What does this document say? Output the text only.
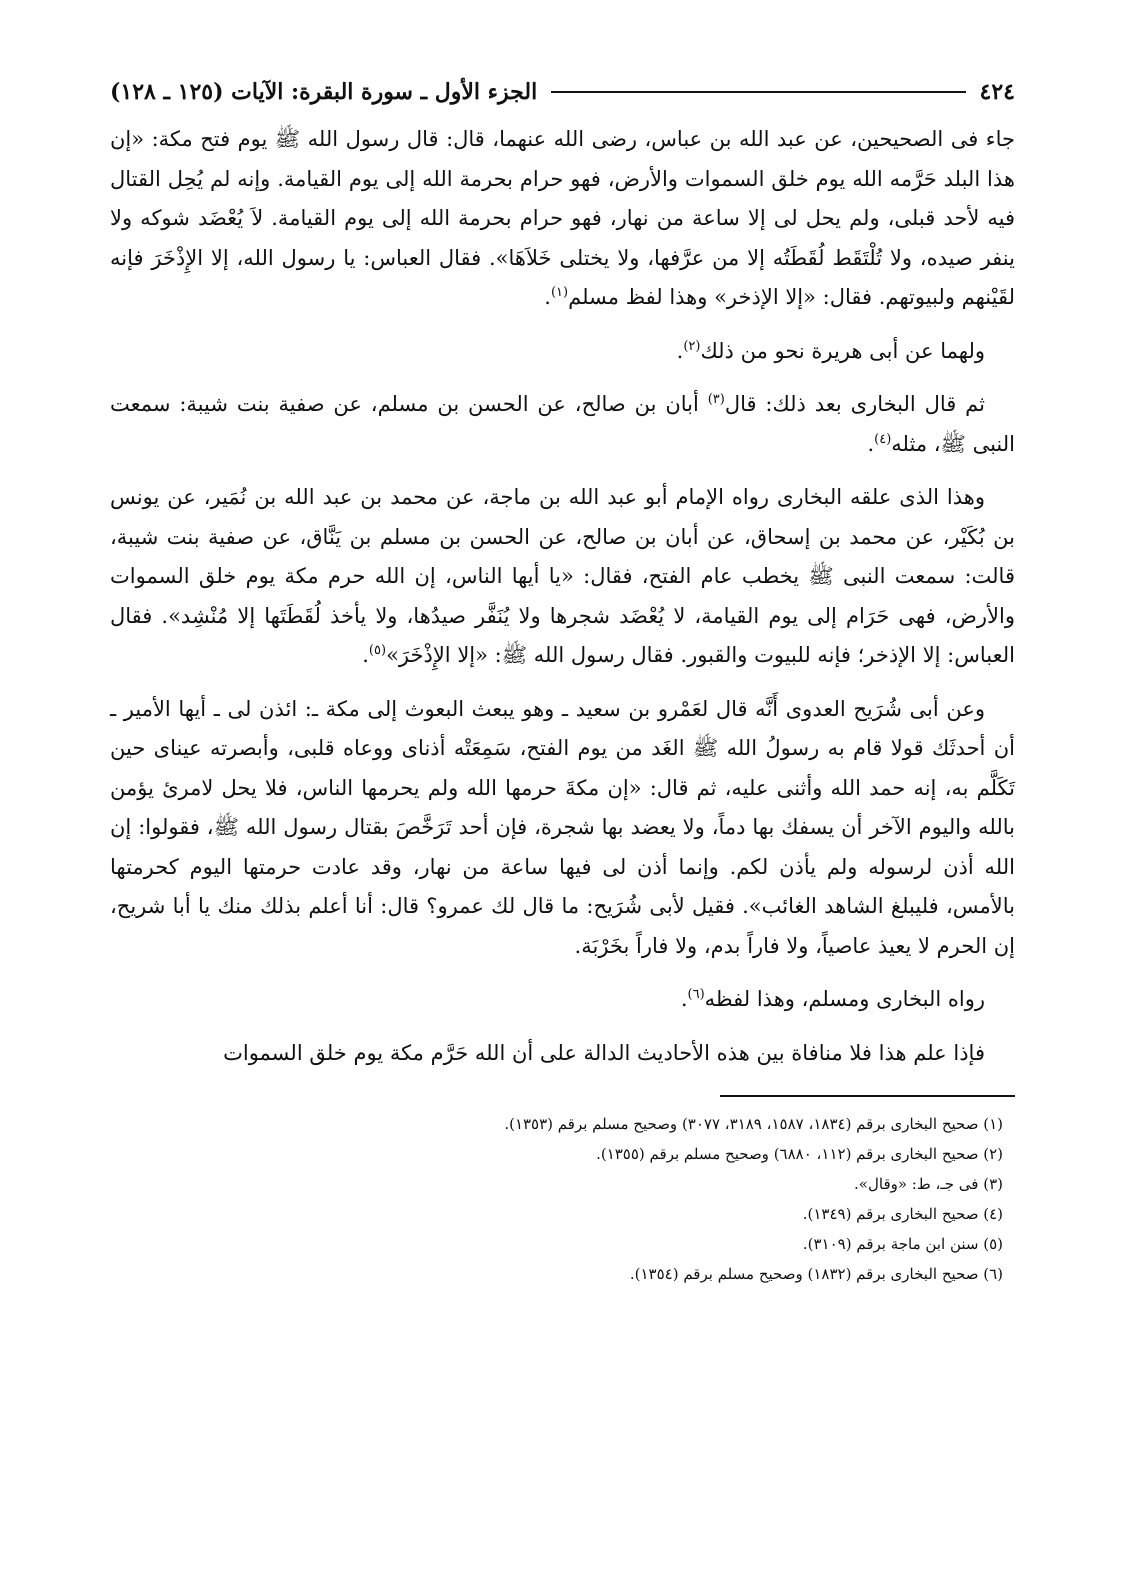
٤٢٤
الجزء الأول ـ سورة البقرة: الآيات (١٢٥ ـ ١٢٨)

جاء فى الصحيحين، عن عبد الله بن عباس، رضى الله عنهما، قال: قال رسول الله ﷺ يوم فتح مكة: «إن هذا البلد حَرَّمه الله يوم خلق السموات والأرض، فهو حرام بحرمة الله إلى يوم القيامة. وإنه لم يُحِل القتال فيه لأحد قبلى، ولم يحل لى إلا ساعة من نهار، فهو حرام بحرمة الله إلى يوم القيامة. لاَ يُعْضَد شوكه ولا ينفر صيده، ولا تُلْتَقَط لُقَطَتُه إلا من عرَّفها، ولا يختلى خَلاَهَا». فقال العباس: يا رسول الله، إلا الإِذْخَرَ فإنه لقَيْنهم ولبيوتهم. فقال: «إلا الإذخر» وهذا لفظ مسلم$^{(١)}$.

ولهما عن أبى هريرة نحو من ذلك$^{(٢)}$.

ثم قال البخارى بعد ذلك: قال$^{(٣)}$ أبان بن صالح، عن الحسن بن مسلم، عن صفية بنت شيبة: سمعت النبى ﷺ، مثله$^{(٤)}$.

وهذا الذى علقه البخارى رواه الإمام أبو عبد الله بن ماجة، عن محمد بن عبد الله بن نُمَير، عن يونس بن بُكَيْر، عن محمد بن إسحاق، عن أبان بن صالح، عن الحسن بن مسلم بن يَنَّاق، عن صفية بنت شيبة، قالت: سمعت النبى ﷺ يخطب عام الفتح، فقال: «يا أيها الناس، إن الله حرم مكة يوم خلق السموات والأرض، فهى حَرَام إلى يوم القيامة، لا يُعْضَد شجرها ولا يُنَفَّر صيدُها، ولا يأخذ لُقَطَتَها إلا مُنْشِد». فقال العباس: إلا الإذخر؛ فإنه للبيوت والقبور. فقال رسول الله ﷺ: «إلا الإِذْخَرَ»$^{(٥)}$.

وعن أبى شُرَيح العدوى أَنَّه قال لعَمْرو بن سعيد ـ وهو يبعث البعوث إلى مكة ـ: ائذن لى ـ أيها الأمير ـ أن أحدثَك قولا قام به رسولُ الله ﷺ الغَد من يوم الفتح، سَمِعَتْه أذناى ووعاه قلبى، وأبصرته عيناى حين تَكَلَّم به، إنه حمد الله وأثنى عليه، ثم قال: «إن مكةَ حرمها الله ولم يحرمها الناس، فلا يحل لامرئ يؤمن بالله واليوم الآخر أن يسفك بها دماً، ولا يعضد بها شجرة، فإن أحد تَرَخَّصَ بقتال رسول الله ﷺ، فقولوا: إن الله أذن لرسوله ولم يأذن لكم. وإنما أذن لى فيها ساعة من نهار، وقد عادت حرمتها اليوم كحرمتها بالأمس، فليبلغ الشاهد الغائب». فقيل لأبى شُرَيح: ما قال لك عمرو؟ قال: أنا أعلم بذلك منك يا أبا شريح، إن الحرم لا يعيذ عاصياً، ولا فاراً بدم، ولا فاراً بخَرْبَة.

رواه البخارى ومسلم، وهذا لفظه$^{(٦)}$.

فإذا علم هذا فلا منافاة بين هذه الأحاديث الدالة على أن الله حَرَّم مكة يوم خلق السموات

(١) صحيح البخارى برقم (١٨٣٤، ١٥٨٧، ٣١٨٩، ٣٠٧٧) وصحيح مسلم برقم (١٣٥٣).
(٢) صحيح البخارى برقم (١١٢، ٦٨٨٠) وصحيح مسلم برقم (١٣٥٥).
(٣) فى جـ، ط: «وقال».
(٤) صحيح البخارى برقم (١٣٤٩).
(٥) سنن ابن ماجة برقم (٣١٠٩).
(٦) صحيح البخارى برقم (١٨٣٢) وصحيح مسلم برقم (١٣٥٤).
